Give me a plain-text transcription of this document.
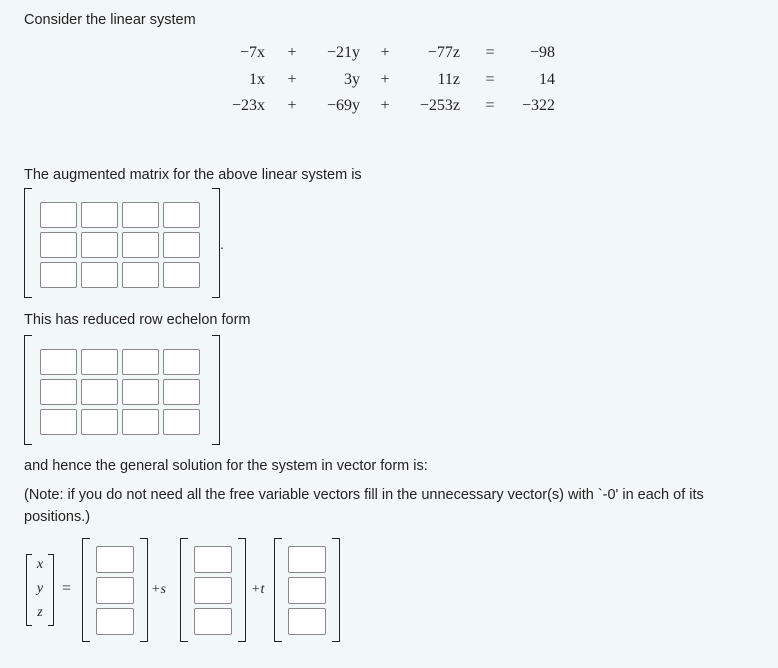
Consider the linear system

−7x	+	−21y	+	−77z	=	−98
1x	+	3y	+	11z	=	14
−23x	+	−69y	+	−253z	=	−322

The augmented matrix for the above linear system is

.

This has reduced row echelon form

and hence the general solution for the system in vector form is:

(Note: if you do not need all the free variable vectors fill in the unnecessary vector(s) with `-0' in each of its positions.)

x
y
z
=	+s	+t
